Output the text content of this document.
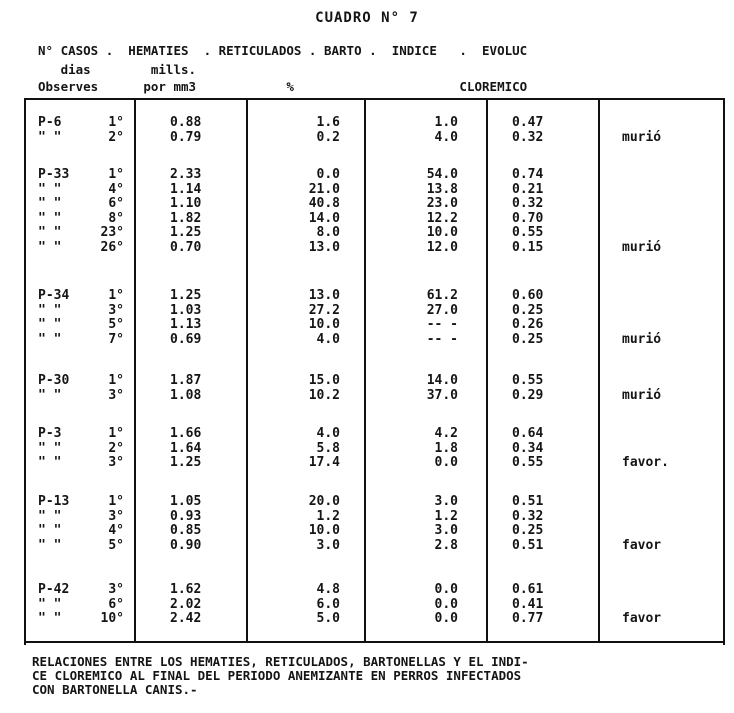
CUADRO N° 7
N° CASOS .  HEMATIES  . RETICULADOS . BARTO .  INDICE   .  EVOLUC
dias        mills.
Observes      por mm3            %                      CLOREMICO
P-6	1°	0.88	1.6	1.0	0.47
" "	2°	0.79	0.2	4.0	0.32	murió
P-33	1°	2.33	0.0	54.0	0.74
" "	4°	1.14	21.0	13.8	0.21
" "	6°	1.10	40.8	23.0	0.32
" "	8°	1.82	14.0	12.2	0.70
" "	23°	1.25	8.0	10.0	0.55
" "	26°	0.70	13.0	12.0	0.15	murió
P-34	1°	1.25	13.0	61.2	0.60
" "	3°	1.03	27.2	27.0	0.25
" "	5°	1.13	10.0	-- -	0.26
" "	7°	0.69	4.0	-- -	0.25	murió
P-30	1°	1.87	15.0	14.0	0.55
" "	3°	1.08	10.2	37.0	0.29	murió
P-3	1°	1.66	4.0	4.2	0.64
" "	2°	1.64	5.8	1.8	0.34
" "	3°	1.25	17.4	0.0	0.55	favor.
P-13	1°	1.05	20.0	3.0	0.51
" "	3°	0.93	1.2	1.2	0.32
" "	4°	0.85	10.0	3.0	0.25
" "	5°	0.90	3.0	2.8	0.51	favor
P-42	3°	1.62	4.8	0.0	0.61
" "	6°	2.02	6.0	0.0	0.41
" "	10°	2.42	5.0	0.0	0.77	favor
RELACIONES ENTRE LOS HEMATIES, RETICULADOS, BARTONELLAS Y EL INDI-
CE CLOREMICO AL FINAL DEL PERIODO ANEMIZANTE EN PERROS INFECTADOS
CON BARTONELLA CANIS.-
